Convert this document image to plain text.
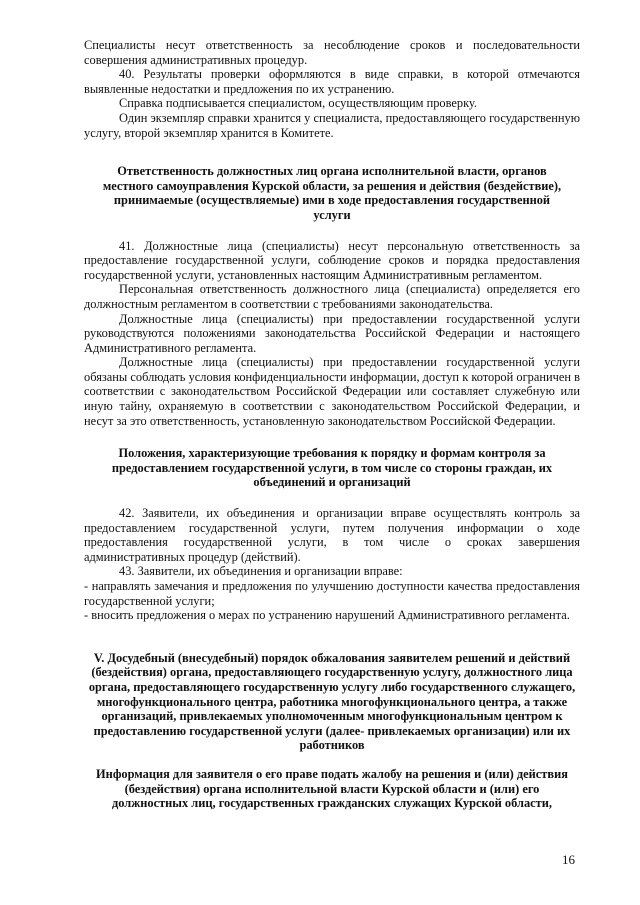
Специалисты несут ответственность за несоблюдение сроков и последовательности совершения административных процедур.

40. Результаты проверки оформляются в виде справки, в которой отмечаются выявленные недостатки и предложения по их устранению.

Справка подписывается специалистом, осуществляющим проверку.

Один экземпляр справки хранится у специалиста, предоставляющего государственную услугу, второй экземпляр хранится в Комитете.

Ответственность должностных лиц органа исполнительной власти, органов местного самоуправления Курской области, за решения и действия (бездействие), принимаемые (осуществляемые) ими в ходе предоставления государственной услуги

41. Должностные лица (специалисты) несут персональную ответственность за предоставление государственной услуги, соблюдение сроков и порядка предоставления государственной услуги, установленных настоящим Административным регламентом.

Персональная ответственность должностного лица (специалиста) определяется его должностным регламентом в соответствии с требованиями законодательства.

Должностные лица (специалисты) при предоставлении государственной услуги руководствуются положениями законодательства Российской Федерации и настоящего Административного регламента.

Должностные лица (специалисты) при предоставлении государственной услуги обязаны соблюдать условия конфиденциальности информации, доступ к которой ограничен в соответствии с законодательством Российской Федерации или составляет служебную или иную тайну, охраняемую в соответствии с законодательством Российской Федерации, и несут за это ответственность, установленную законодательством Российской Федерации.

Положения, характеризующие требования к порядку и формам контроля за предоставлением государственной услуги, в том числе со стороны граждан, их объединений и организаций

42. Заявители, их объединения и организации вправе осуществлять контроль за предоставлением государственной услуги, путем получения информации о ходе предоставления государственной услуги, в том числе о сроках завершения административных процедур (действий).

43. Заявители, их объединения и организации вправе:

- направлять замечания и предложения по улучшению доступности качества предоставления государственной услуги;

- вносить предложения о мерах по устранению нарушений Административного регламента.

V. Досудебный (внесудебный) порядок обжалования заявителем решений и действий (бездействия) органа, предоставляющего государственную услугу, должностного лица органа, предоставляющего государственную услугу либо государственного служащего, многофункционального центра, работника многофункционального центра, а также организаций, привлекаемых уполномоченным многофункциональным центром к предоставлению государственной услуги (далее- привлекаемых организации) или их работников

Информация для заявителя о его праве подать жалобу на решения и (или) действия (бездействия) органа исполнительной власти Курской области и (или) его должностных лиц, государственных гражданских служащих Курской области,

16
